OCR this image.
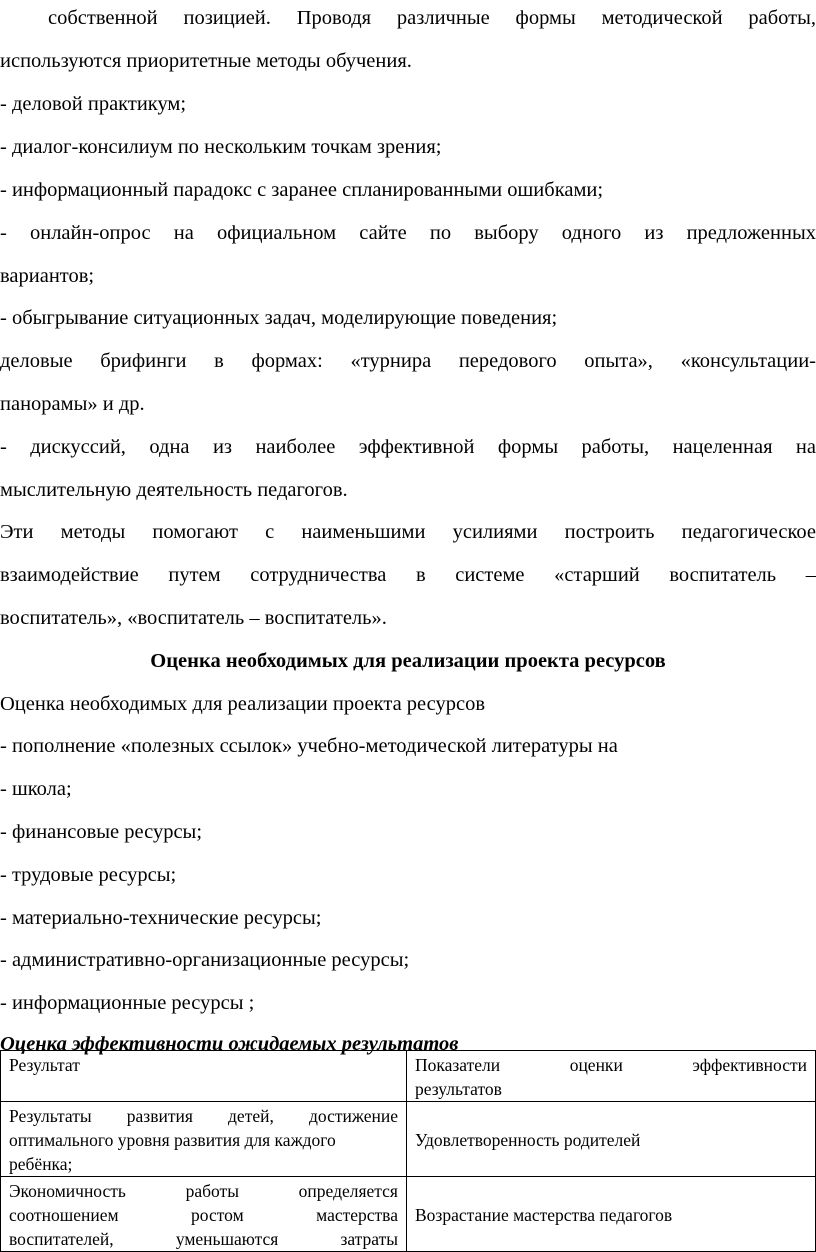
собственной позицией. Проводя различные формы методической работы,
используются приоритетные методы обучения.
- деловой практикум;
- диалог-консилиум по нескольким точкам зрения;
- информационный парадокс с заранее спланированными ошибками;
- онлайн-опрос на официальном сайте по выбору одного из предложенных
вариантов;
- обыгрывание ситуационных задач, моделирующие поведения;
деловые брифинги в формах: «турнира передового опыта», «консультации-
панорамы» и др.
- дискуссий, одна из наиболее эффективной формы работы, нацеленная на
мыслительную деятельность педагогов.
Эти методы помогают с наименьшими усилиями построить педагогическое
взаимодействие путем сотрудничества в системе «старший воспитатель –
воспитатель», «воспитатель – воспитатель».
Оценка необходимых для реализации проекта ресурсов
Оценка необходимых для реализации проекта ресурсов
- пополнение «полезных ссылок» учебно-методической литературы на
- школа;
- финансовые ресурсы;
- трудовые ресурсы;
- материально-технические ресурсы;
- административно-организационные ресурсы;
- информационные ресурсы ;
Оценка эффективности ожидаемых результатов
Результат	Показатели оценки эффективности
результатов

Результаты развития детей, достижение
оптимального уровня развития для каждого
ребёнка;	Удовлетворенность родителей

Экономичность работы определяется
соотношением ростом мастерства
воспитателей, уменьшаются затраты	Возрастание мастерства педагогов
